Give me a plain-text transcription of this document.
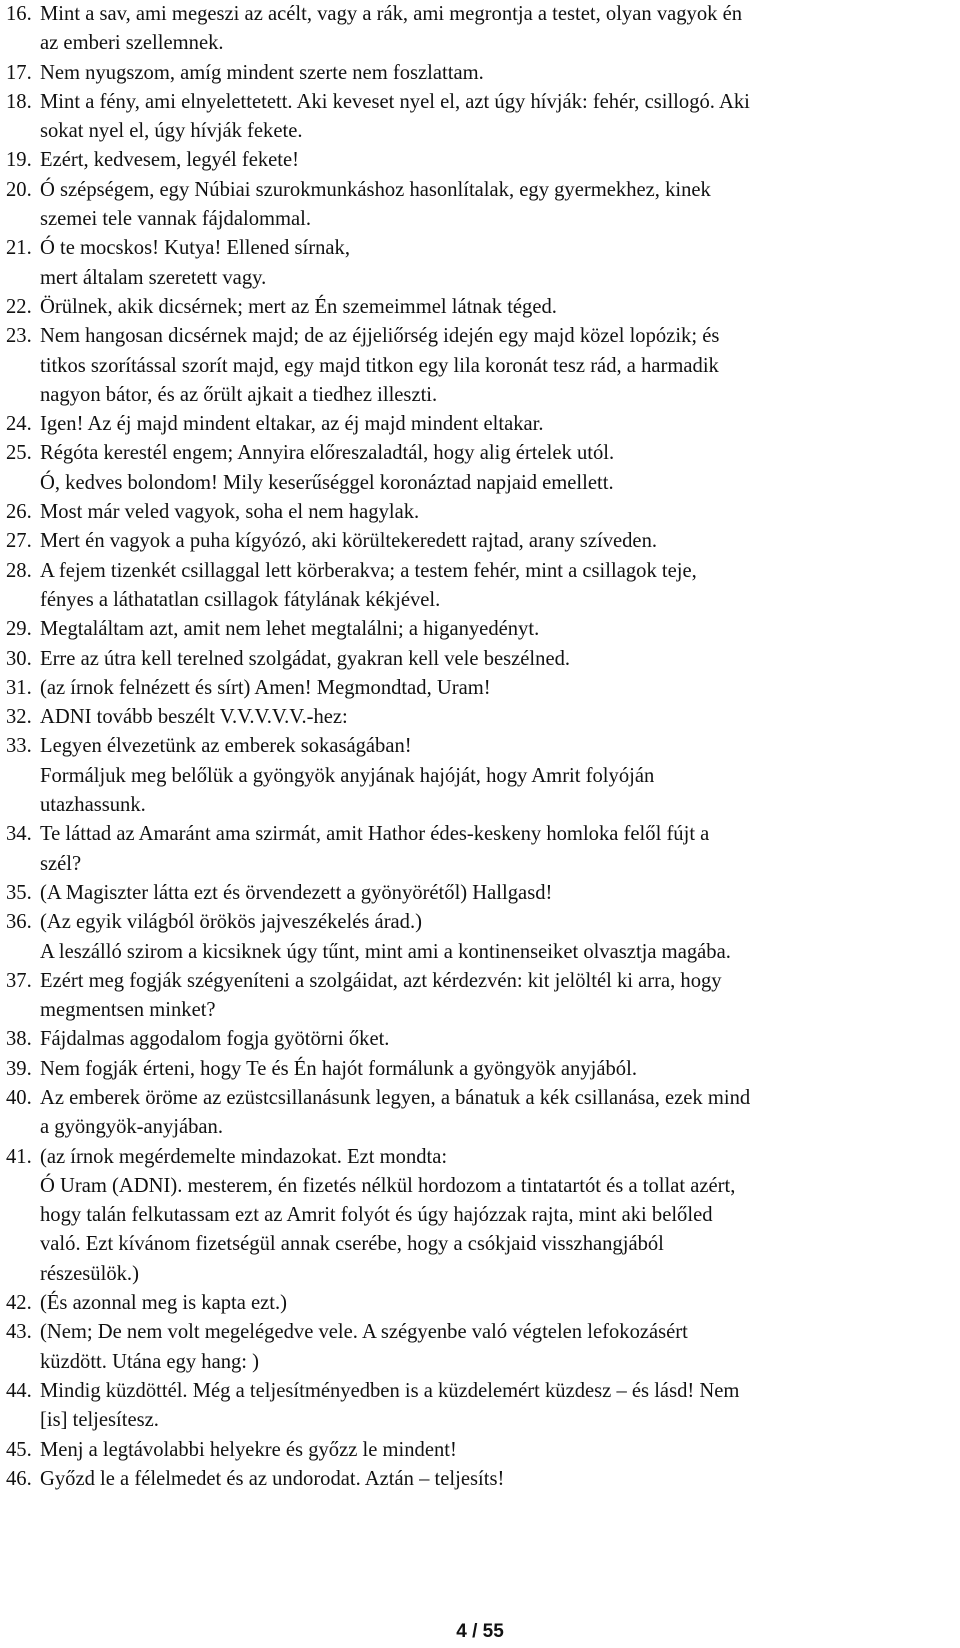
16. Mint a sav, ami megeszi az acélt, vagy a rák, ami megrontja a testet, olyan vagyok én
az emberi szellemnek.
17. Nem nyugszom, amíg mindent szerte nem foszlattam.
18. Mint a fény, ami elnyelettetett. Aki keveset nyel el, azt úgy hívják: fehér, csillogó. Aki
sokat nyel el, úgy hívják fekete.
19. Ezért, kedvesem, legyél fekete!
20. Ó szépségem, egy Núbiai szurokmunkáshoz hasonlítalak, egy gyermekhez, kinek
szemei tele vannak fájdalommal.
21. Ó te mocskos! Kutya! Ellened sírnak,
mert általam szeretett vagy.
22. Örülnek, akik dicsérnek; mert az Én szemeimmel látnak téged.
23. Nem hangosan dicsérnek majd; de az éjjeliőrség idején egy majd közel lopózik; és
titkos szorítással szorít majd, egy majd titkon egy lila koronát tesz rád, a harmadik
nagyon bátor, és az őrült ajkait a tiedhez illeszti.
24. Igen! Az éj majd mindent eltakar, az éj majd mindent eltakar.
25. Régóta kerestél engem; Annyira előreszaladtál, hogy alig értelek utól.
Ó, kedves bolondom! Mily keserűséggel koronáztad napjaid emellett.
26. Most már veled vagyok, soha el nem hagylak.
27. Mert én vagyok a puha kígyózó, aki körültekeredett rajtad, arany szíveden.
28. A fejem tizenkét csillaggal lett körberakva; a testem fehér, mint a csillagok teje,
fényes a láthatatlan csillagok fátylának kékjével.
29. Megtaláltam azt, amit nem lehet megtalálni; a higanyedényt.
30. Erre az útra kell terelned szolgádat, gyakran kell vele beszélned.
31. (az írnok felnézett és sírt) Amen! Megmondtad, Uram!
32. ADNI tovább beszélt V.V.V.V.V.-hez:
33. Legyen élvezetünk az emberek sokaságában!
Formáljuk meg belőlük a gyöngyök anyjának hajóját, hogy Amrit folyóján
utazhassunk.
34. Te láttad az Amaránt ama szirmát, amit Hathor édes-keskeny homloka felől fújt a
szél?
35. (A Magiszter látta ezt és örvendezett a gyönyörétől) Hallgasd!
36. (Az egyik világból örökös jajveszékelés árad.)
A leszálló szirom a kicsiknek úgy tűnt, mint ami a kontinenseiket olvasztja magába.
37. Ezért meg fogják szégyeníteni a szolgáidat, azt kérdezvén: kit jelöltél ki arra, hogy
megmentsen minket?
38. Fájdalmas aggodalom fogja gyötörni őket.
39. Nem fogják érteni, hogy Te és Én hajót formálunk a gyöngyök anyjából.
40. Az emberek öröme az ezüstcsillanásunk legyen, a bánatuk a kék csillanása, ezek mind
a gyöngyök-anyjában.
41. (az írnok megérdemelte mindazokat. Ezt mondta:
Ó Uram (ADNI). mesterem, én fizetés nélkül hordozom a tintatartót és a tollat azért,
hogy talán felkutassam ezt az Amrit folyót és úgy hajózzak rajta, mint aki belőled
való. Ezt kívánom fizetségül annak cserébe, hogy a csókjaid visszhangjából
részesülök.)
42. (És azonnal meg is kapta ezt.)
43. (Nem; De nem volt megelégedve vele. A szégyenbe való végtelen lefokozásért
küzdött. Utána egy hang: )
44. Mindig küzdöttél. Még a teljesítményedben is a küzdelemért küzdesz – és lásd! Nem
[is] teljesítesz.
45. Menj a legtávolabbi helyekre és győzz le mindent!
46. Győzd le a félelmedet és az undorodat. Aztán – teljesíts!
4 / 55
